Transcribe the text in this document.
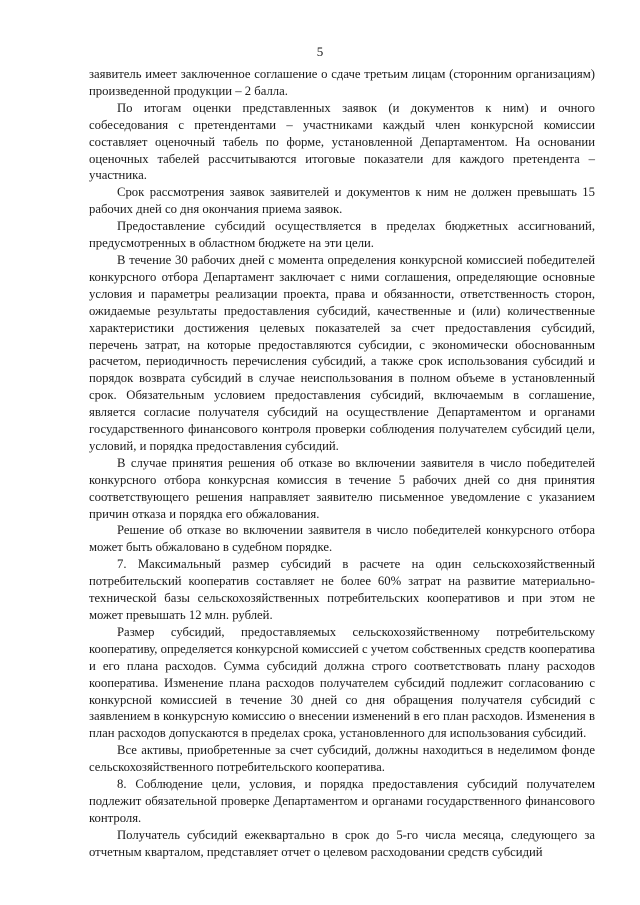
5

заявитель имеет заключенное соглашение о сдаче третьим лицам (сторонним организациям) произведенной продукции – 2 балла.

По итогам оценки представленных заявок (и документов к ним) и очного собеседования с претендентами – участниками каждый член конкурсной комиссии составляет оценочный табель по форме, установленной Департаментом. На основании оценочных табелей рассчитываются итоговые показатели для каждого претендента – участника.

Срок рассмотрения заявок заявителей и документов к ним не должен превышать 15 рабочих дней со дня окончания приема заявок.

Предоставление субсидий осуществляется в пределах бюджетных ассигнований, предусмотренных в областном бюджете на эти цели.

В течение 30 рабочих дней с момента определения конкурсной комиссией победителей конкурсного отбора Департамент заключает с ними соглашения, определяющие основные условия и параметры реализации проекта, права и обязанности, ответственность сторон, ожидаемые результаты предоставления субсидий, качественные и (или) количественные характеристики достижения целевых показателей за счет предоставления субсидий, перечень затрат, на которые предоставляются субсидии, с экономически обоснованным расчетом, периодичность перечисления субсидий, а также срок использования субсидий и порядок возврата субсидий в случае неиспользования в полном объеме в установленный срок. Обязательным условием предоставления субсидий, включаемым в соглашение, является согласие получателя субсидий на осуществление Департаментом и органами государственного финансового контроля проверки соблюдения получателем субсидий цели, условий, и порядка предоставления субсидий.

В случае принятия решения об отказе во включении заявителя в число победителей конкурсного отбора конкурсная комиссия в течение 5 рабочих дней со дня принятия соответствующего решения направляет заявителю письменное уведомление с указанием причин отказа и порядка его обжалования.

Решение об отказе во включении заявителя в число победителей конкурсного отбора может быть обжаловано в судебном порядке.

7. Максимальный размер субсидий в расчете на один сельскохозяйственный потребительский кооператив составляет не более 60% затрат на развитие материально-технической базы сельскохозяйственных потребительских кооперативов и при этом не может превышать 12 млн. рублей.

Размер субсидий, предоставляемых сельскохозяйственному потребительскому кооперативу, определяется конкурсной комиссией с учетом собственных средств кооператива и его плана расходов. Сумма субсидий должна строго соответствовать плану расходов кооператива. Изменение плана расходов получателем субсидий подлежит согласованию с конкурсной комиссией в течение 30 дней со дня обращения получателя субсидий с заявлением в конкурсную комиссию о внесении изменений в его план расходов. Изменения в план расходов допускаются в пределах срока, установленного для использования субсидий.

Все активы, приобретенные за счет субсидий, должны находиться в неделимом фонде сельскохозяйственного потребительского кооператива.

8. Соблюдение цели, условия, и порядка предоставления субсидий получателем подлежит обязательной проверке Департаментом и органами государственного финансового контроля.

Получатель субсидий ежеквартально в срок до 5-го числа месяца, следующего за отчетным кварталом, представляет отчет о целевом расходовании средств субсидий
